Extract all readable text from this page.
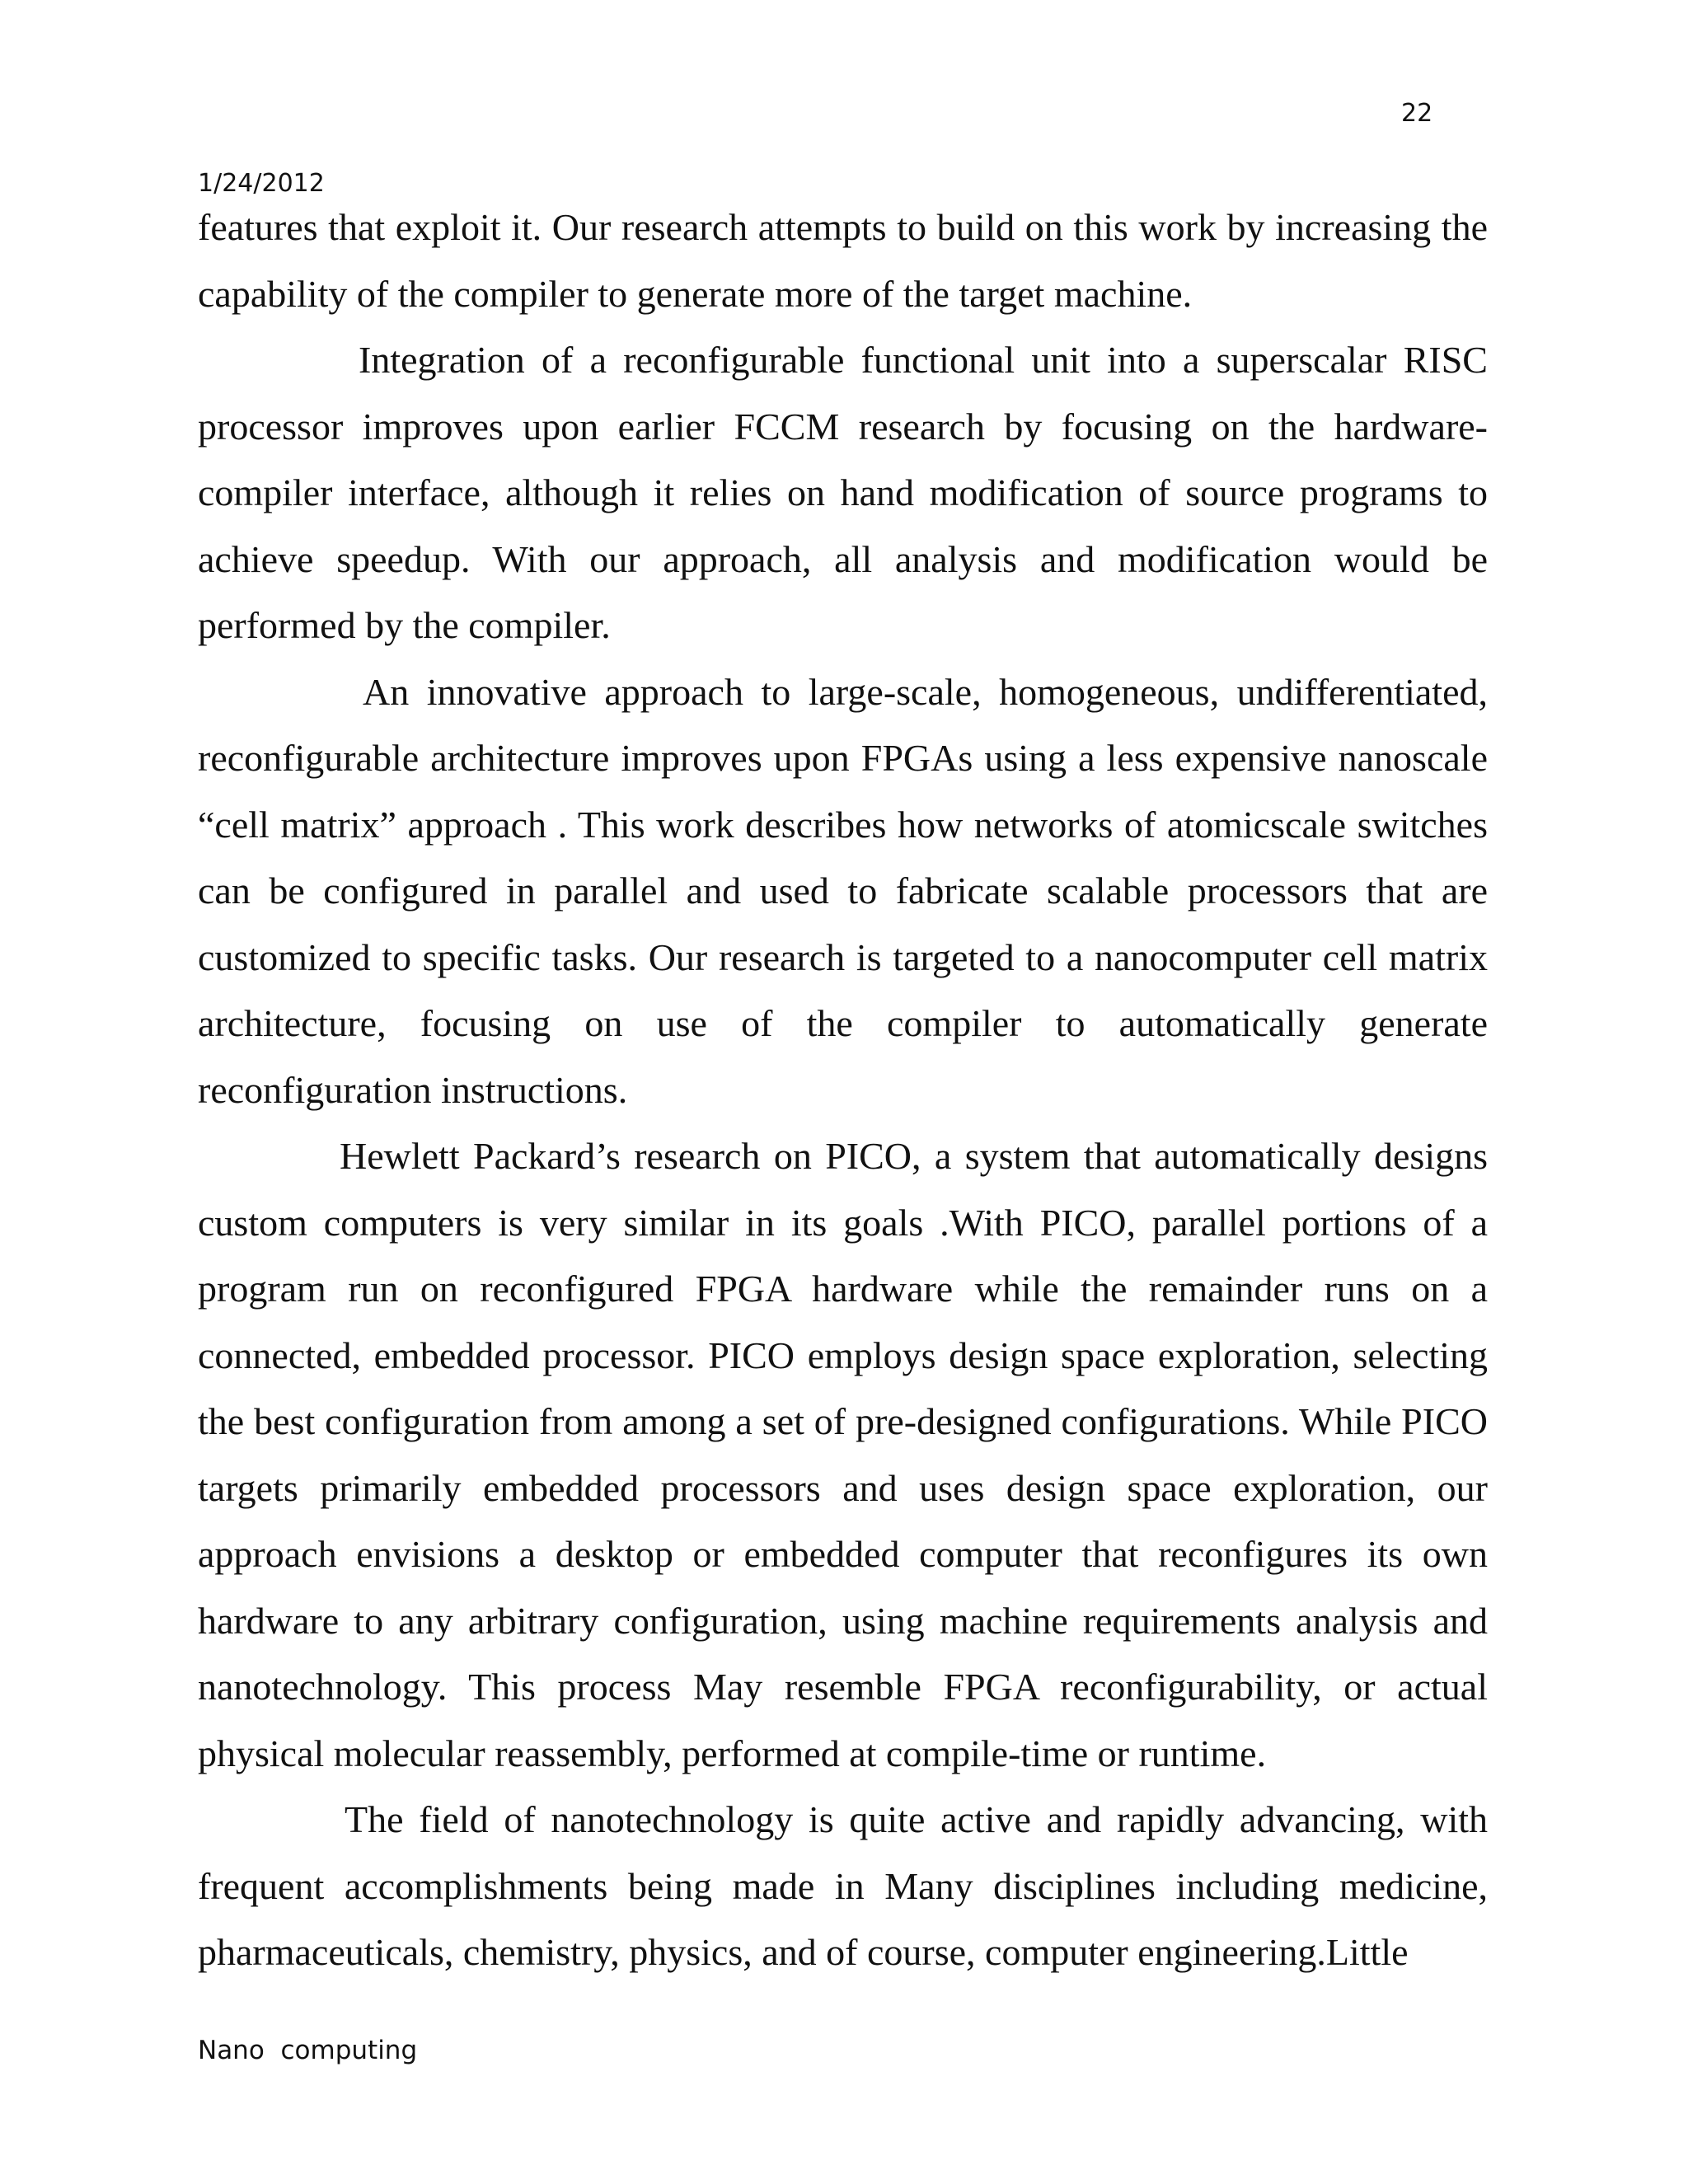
22
1/24/2012

features that exploit it. Our research attempts to build on this work by increasing the capability of the compiler to generate more of the target machine.

Integration of a reconfigurable functional unit into a superscalar RISC processor improves upon earlier FCCM research by focusing on the hardware-compiler interface, although it relies on hand modification of source programs to achieve speedup. With our approach, all analysis and modification would be performed by the compiler.

An innovative approach to large-scale, homogeneous, undifferentiated, reconfigurable architecture improves upon FPGAs using a less expensive nanoscale “cell matrix” approach . This work describes how networks of atomicscale switches can be configured in parallel and used to fabricate scalable processors that are customized to specific tasks. Our research is targeted to a nanocomputer cell matrix architecture, focusing on use of the compiler to automatically generate reconfiguration instructions.

Hewlett Packard’s research on PICO, a system that automatically designs custom computers is very similar in its goals .With PICO, parallel portions of a program run on reconfigured FPGA hardware while the remainder runs on a connected, embedded processor. PICO employs design space exploration, selecting the best configuration from among a set of pre-designed configurations. While PICO targets primarily embedded processors and uses design space exploration, our approach envisions a desktop or embedded computer that reconfigures its own hardware to any arbitrary configuration, using machine requirements analysis and nanotechnology. This process May resemble FPGA reconfigurability, or actual physical molecular reassembly, performed at compile-time or runtime.

The field of nanotechnology is quite active and rapidly advancing, with frequent accomplishments being made in Many disciplines including medicine, pharmaceuticals, chemistry, physics, and of course, computer engineering.Little

Nano  computing
